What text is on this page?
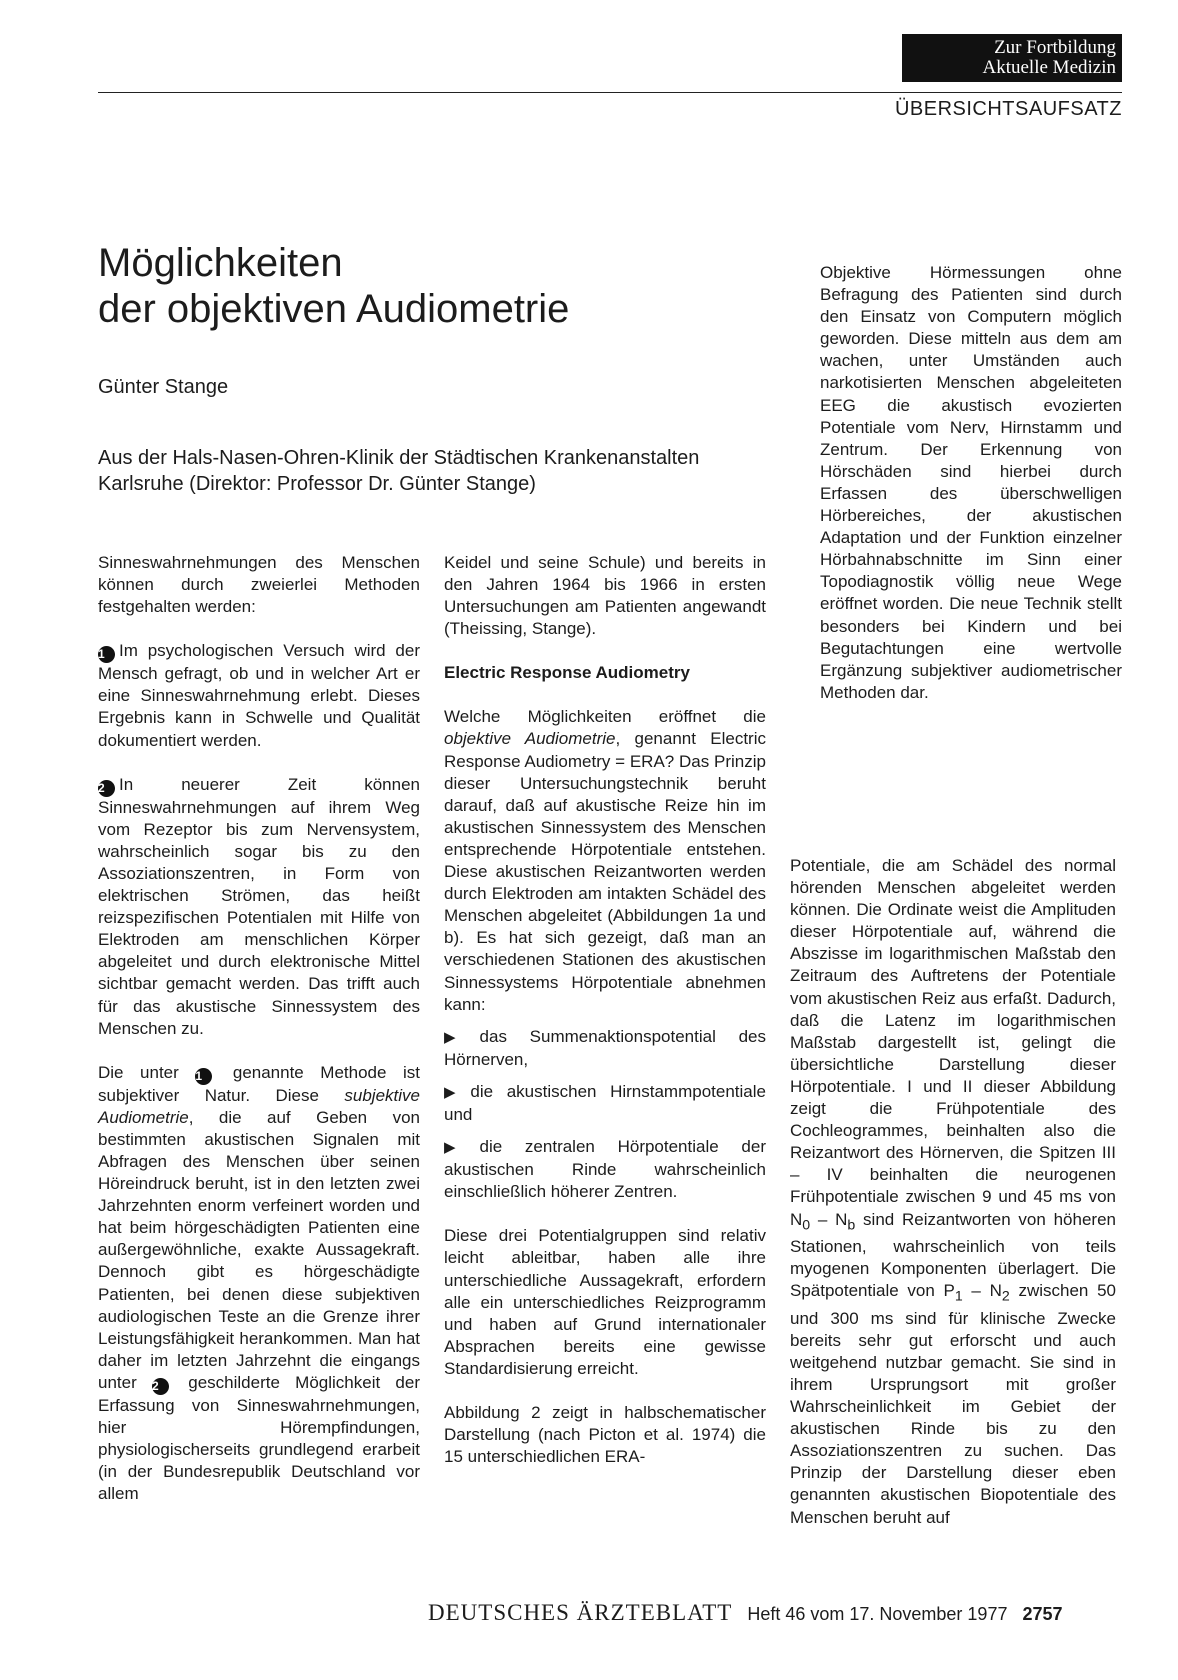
Zur Fortbildung
Aktuelle Medizin
ÜBERSICHTSAUFSATZ
Möglichkeiten
der objektiven Audiometrie
Günter Stange
Aus der Hals-Nasen-Ohren-Klinik der Städtischen Krankenanstalten
Karlsruhe (Direktor: Professor Dr. Günter Stange)

Sinneswahrnehmungen des Menschen können durch zweierlei Methoden festgehalten werden:

1 Im psychologischen Versuch wird der Mensch gefragt, ob und in welcher Art er eine Sinneswahrnehmung erlebt. Dieses Ergebnis kann in Schwelle und Qualität dokumentiert werden.

2 In neuerer Zeit können Sinneswahrnehmungen auf ihrem Weg vom Rezeptor bis zum Nervensystem, wahrscheinlich sogar bis zu den Assoziationszentren, in Form von elektrischen Strömen, das heißt reizspezifischen Potentialen mit Hilfe von Elektroden am menschlichen Körper abgeleitet und durch elektronische Mittel sichtbar gemacht werden. Das trifft auch für das akustische Sinnessystem des Menschen zu.

Die unter 1 genannte Methode ist subjektiver Natur. Diese subjektive Audiometrie, die auf Geben von bestimmten akustischen Signalen mit Abfragen des Menschen über seinen Höreindruck beruht, ist in den letzten zwei Jahrzehnten enorm verfeinert worden und hat beim hörgeschädigten Patienten eine außergewöhnliche, exakte Aussagekraft. Dennoch gibt es hörgeschädigte Patienten, bei denen diese subjektiven audiologischen Teste an die Grenze ihrer Leistungsfähigkeit herankommen. Man hat daher im letzten Jahrzehnt die eingangs unter 2 geschilderte Möglichkeit der Erfassung von Sinneswahrnehmungen, hier Hörempfindungen, physiologischerseits grundlegend erarbeit (in der Bundesrepublik Deutschland vor allem

Keidel und seine Schule) und bereits in den Jahren 1964 bis 1966 in ersten Untersuchungen am Patienten angewandt (Theissing, Stange).

Electric Response Audiometry

Welche Möglichkeiten eröffnet die objektive Audiometrie, genannt Electric Response Audiometry = ERA? Das Prinzip dieser Untersuchungstechnik beruht darauf, daß auf akustische Reize hin im akustischen Sinnessystem des Menschen entsprechende Hörpotentiale entstehen. Diese akustischen Reizantworten werden durch Elektroden am intakten Schädel des Menschen abgeleitet (Abbildungen 1a und b). Es hat sich gezeigt, daß man an verschiedenen Stationen des akustischen Sinnessystems Hörpotentiale abnehmen kann:

▶ das Summenaktionspotential des Hörnerven,

▶ die akustischen Hirnstammpotentiale und

▶ die zentralen Hörpotentiale der akustischen Rinde wahrscheinlich einschließlich höherer Zentren.

Diese drei Potentialgruppen sind relativ leicht ableitbar, haben alle ihre unterschiedliche Aussagekraft, erfordern alle ein unterschiedliches Reizprogramm und haben auf Grund internationaler Absprachen bereits eine gewisse Standardisierung erreicht.

Abbildung 2 zeigt in halbschematischer Darstellung (nach Picton et al. 1974) die 15 unterschiedlichen ERA-

Objektive Hörmessungen ohne Befragung des Patienten sind durch den Einsatz von Computern möglich geworden. Diese mitteln aus dem am wachen, unter Umständen auch narkotisierten Menschen abgeleiteten EEG die akustisch evozierten Potentiale vom Nerv, Hirnstamm und Zentrum. Der Erkennung von Hörschäden sind hierbei durch Erfassen des überschwelligen Hörbereiches, der akustischen Adaptation und der Funktion einzelner Hörbahnabschnitte im Sinn einer Topodiagnostik völlig neue Wege eröffnet worden. Die neue Technik stellt besonders bei Kindern und bei Begutachtungen eine wertvolle Ergänzung subjektiver audiometrischer Methoden dar.

Potentiale, die am Schädel des normal hörenden Menschen abgeleitet werden können. Die Ordinate weist die Amplituden dieser Hörpotentiale auf, während die Abszisse im logarithmischen Maßstab den Zeitraum des Auftretens der Potentiale vom akustischen Reiz aus erfaßt. Dadurch, daß die Latenz im logarithmischen Maßstab dargestellt ist, gelingt die übersichtliche Darstellung dieser Hörpotentiale. I und II dieser Abbildung zeigt die Frühpotentiale des Cochleogrammes, beinhalten also die Reizantwort des Hörnerven, die Spitzen III – IV beinhalten die neurogenen Frühpotentiale zwischen 9 und 45 ms von $N_0 - N_b$ sind Reizantworten von höheren Stationen, wahrscheinlich von teils myogenen Komponenten überlagert. Die Spätpotentiale von $P_1 - N_2$ zwischen 50 und 300 ms sind für klinische Zwecke bereits sehr gut erforscht und auch weitgehend nutzbar gemacht. Sie sind in ihrem Ursprungsort mit großer Wahrscheinlichkeit im Gebiet der akustischen Rinde bis zu den Assoziationszentren zu suchen. Das Prinzip der Darstellung dieser eben genannten akustischen Biopotentiale des Menschen beruht auf

DEUTSCHES ÄRZTEBLATT Heft 46 vom 17. November 1977 2757
